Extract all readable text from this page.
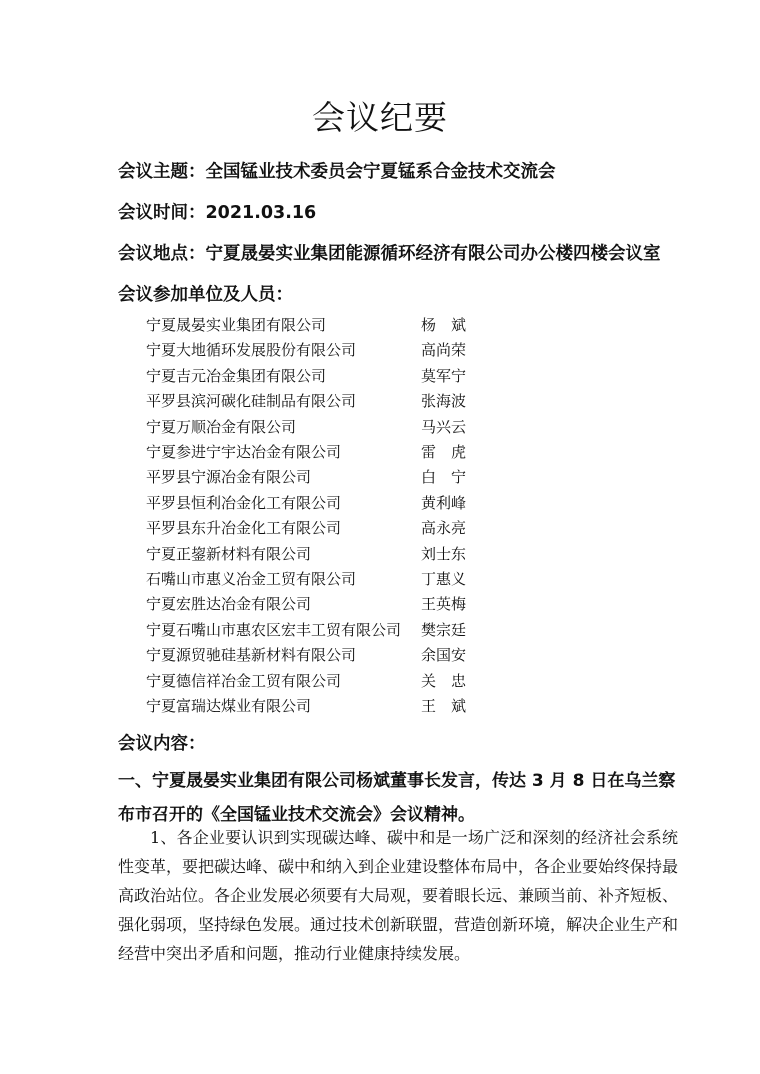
会议纪要
会议主题：全国锰业技术委员会宁夏锰系合金技术交流会
会议时间：2021.03.16
会议地点：宁夏晟晏实业集团能源循环经济有限公司办公楼四楼会议室
会议参加单位及人员：
宁夏晟晏实业集团有限公司	杨　斌
宁夏大地循环发展股份有限公司	高尚荣
宁夏吉元冶金集团有限公司	莫军宁
平罗县滨河碳化硅制品有限公司	张海波
宁夏万顺冶金有限公司	马兴云
宁夏参进宁宇达冶金有限公司	雷　虎
平罗县宁源冶金有限公司	白　宁
平罗县恒利冶金化工有限公司	黄利峰
平罗县东升冶金化工有限公司	高永亮
宁夏正鋆新材料有限公司	刘士东
石嘴山市惠义冶金工贸有限公司	丁惠义
宁夏宏胜达冶金有限公司	王英梅
宁夏石嘴山市惠农区宏丰工贸有限公司 樊宗廷
宁夏源贸驰硅基新材料有限公司	余国安
宁夏德信祥冶金工贸有限公司	关　忠
宁夏富瑞达煤业有限公司	王　斌
会议内容：
一、宁夏晟晏实业集团有限公司杨斌董事长发言，传达 3 月 8 日在乌兰察布市召开的《全国锰业技术交流会》会议精神。
1、各企业要认识到实现碳达峰、碳中和是一场广泛和深刻的经济社会系统性变革，要把碳达峰、碳中和纳入到企业建设整体布局中，各企业要始终保持最高政治站位。各企业发展必须要有大局观，要着眼长远、兼顾当前、补齐短板、强化弱项，坚持绿色发展。通过技术创新联盟，营造创新环境，解决企业生产和经营中突出矛盾和问题，推动行业健康持续发展。
